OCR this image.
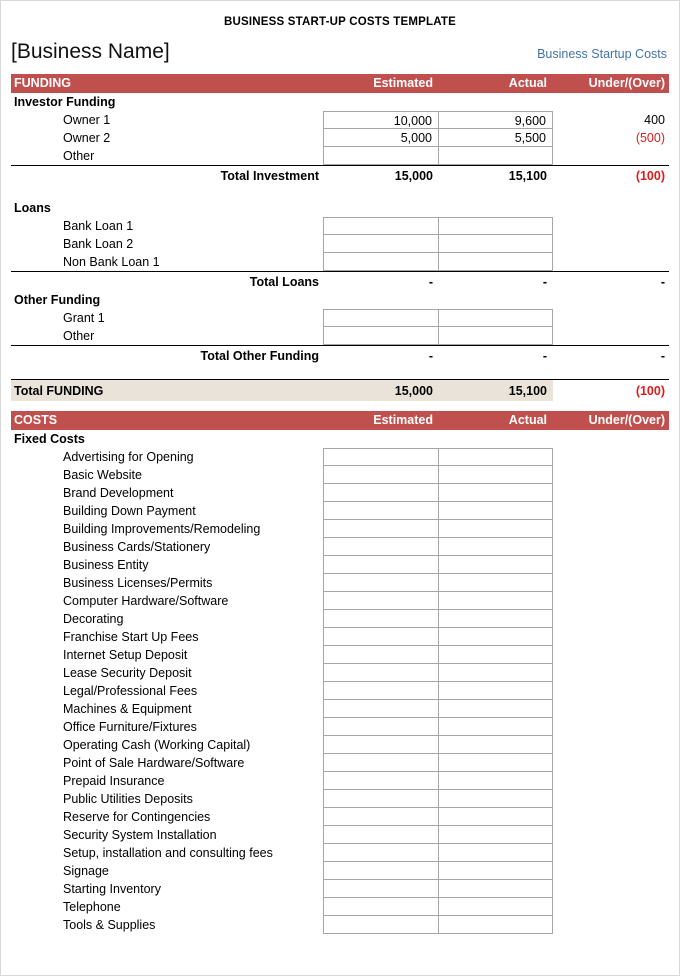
BUSINESS START-UP COSTS TEMPLATE
[Business Name]	Business Startup Costs
FUNDING	Estimated	Actual	Under/(Over)
Investor Funding
Owner 1	10,000	9,600	400
Owner 2	5,000	5,500	(500)
Other
Total Investment	15,000	15,100	(100)
Loans
Bank Loan 1
Bank Loan 2
Non Bank Loan 1
Total Loans	-	-	-
Other Funding
Grant 1
Other
Total Other Funding	-	-	-
Total FUNDING	15,000	15,100	(100)
COSTS	Estimated	Actual	Under/(Over)
Fixed Costs
Advertising for Opening
Basic Website
Brand Development
Building Down Payment
Building Improvements/Remodeling
Business Cards/Stationery
Business Entity
Business Licenses/Permits
Computer Hardware/Software
Decorating
Franchise Start Up Fees
Internet Setup Deposit
Lease Security Deposit
Legal/Professional Fees
Machines & Equipment
Office Furniture/Fixtures
Operating Cash (Working Capital)
Point of Sale Hardware/Software
Prepaid Insurance
Public Utilities Deposits
Reserve for Contingencies
Security System Installation
Setup, installation and consulting fees
Signage
Starting Inventory
Telephone
Tools & Supplies
